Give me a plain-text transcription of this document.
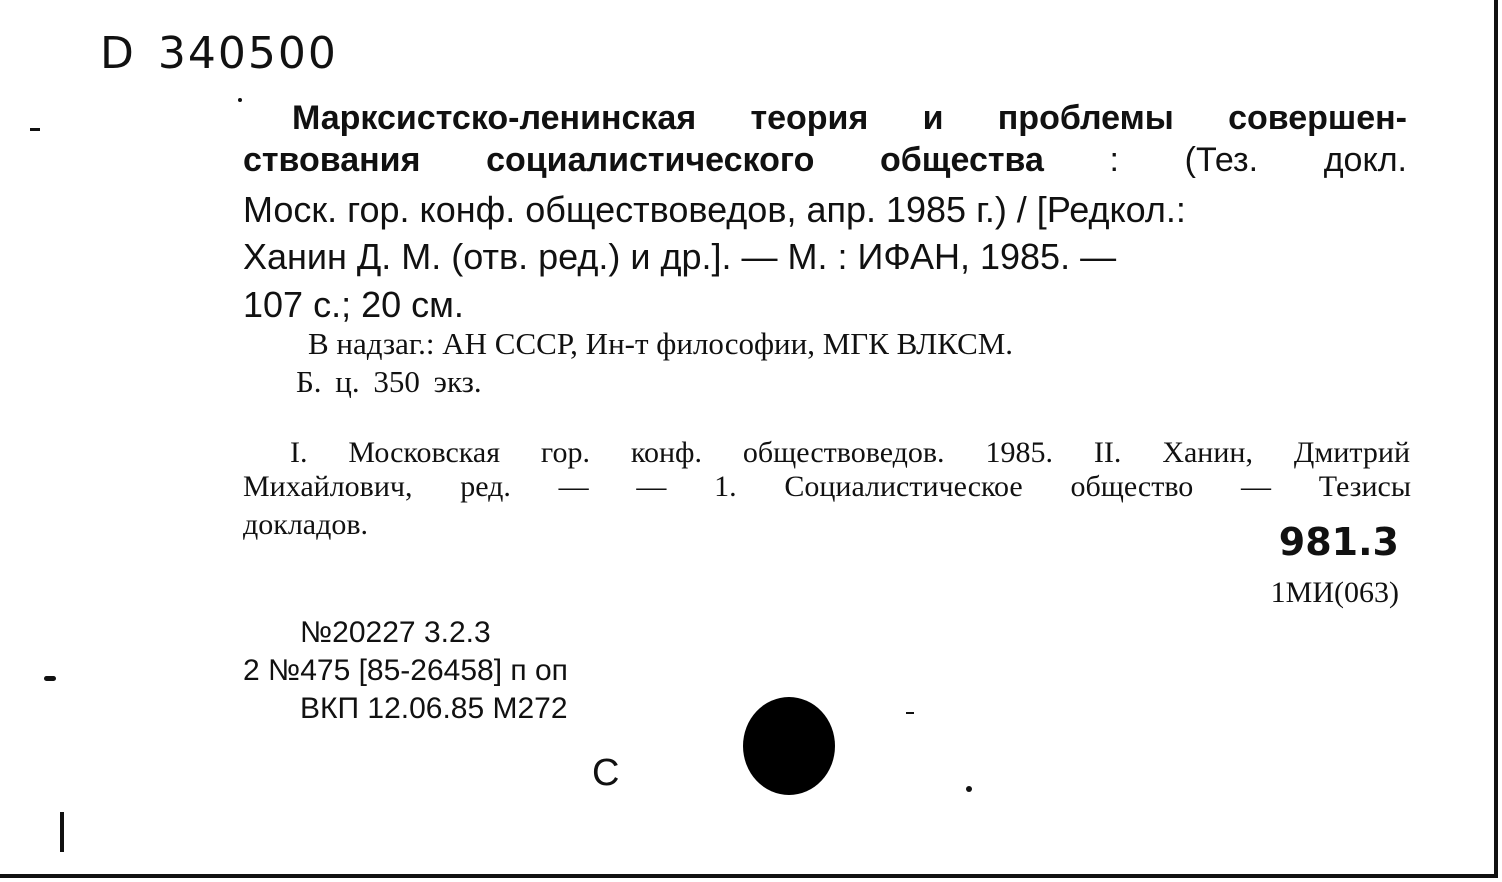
D 340500
Марксистско-ленинская теория и проблемы совершен-
ствования социалистического общества : (Тез. докл.
Моск. гор. конф. обществоведов, апр. 1985 г.) / [Редкол.:
Ханин Д. М. (отв. ред.) и др.]. — М. : ИФАН, 1985. —
107 с.; 20 см.
В надзаг.: АН СССР, Ин-т философии, МГК ВЛКСМ.
Б. ц. 350 экз.
I. Московская гор. конф. обществоведов. 1985. II. Ханин, Дмитрий
Михайлович, ред. — — 1. Социалистическое общество — Тезисы
докладов.	981.3
1МИ(063)
№20227 3.2.3
2 №475 [85-26458] п оп
ВКП 12.06.85 М272
С
